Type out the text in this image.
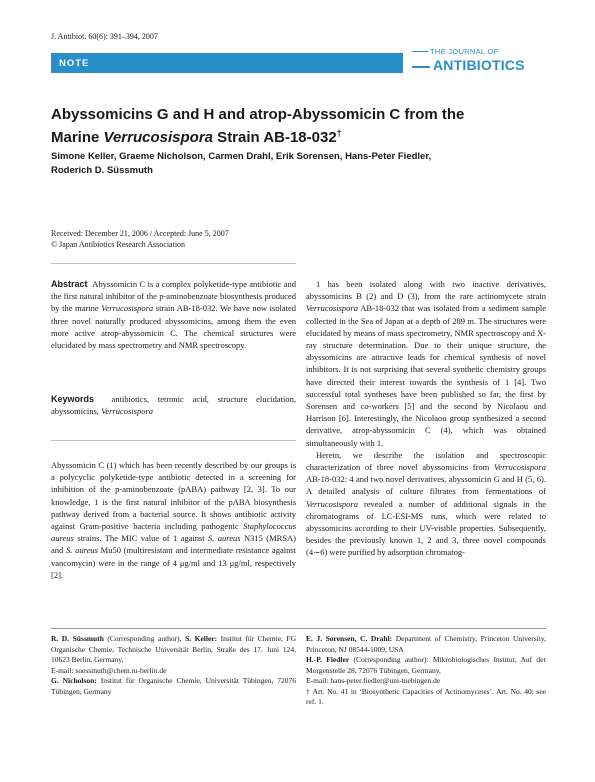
J. Antibiot. 60(6): 391–394, 2007
NOTE
THE JOURNAL OF
ANTIBIOTICS
Abyssomicins G and H and atrop-Abyssomicin C from the
Marine Verrucosispora Strain AB-18-032†
Simone Keller, Graeme Nicholson, Carmen Drahl, Erik Sorensen, Hans-Peter Fiedler,
Roderich D. Süssmuth
Received: December 21, 2006 / Accepted: June 5, 2007
© Japan Antibiotics Research Association

Abstract Abyssomicin C is a complex polyketide-type antibiotic and the first natural inhibitor of the p-aminobenzoate biosynthesis produced by the marine Verrucosispora strain AB-18-032. We have now isolated three novel naturally produced abyssomicins, among them the even more active atrop-abyssomicin C. The chemical structures were elucidated by mass spectrometry and NMR spectroscopy.

Keywords antibiotics, tetronic acid, structure elucidation, abyssomicins, Verrucosispora

Abyssomicin C (1) which has been recently described by our groups is a polycyclic polyketide-type antibiotic detected in a screening for inhibition of the p-aminobenzoate (pABA) pathway [2, 3]. To our knowledge, 1 is the first natural inhibitor of the pABA biosynthesis pathway derived from a bacterial source. It shows antibiotic activity against Gram-positive bacteria including pathogenic Staphylococcus aureus strains. The MIC value of 1 against S. aureus N315 (MRSA) and S. aureus Mu50 (multiresistant and intermediate resistance against vancomycin) were in the range of 4 μg/ml and 13 μg/ml, respectively [2].

1 has been isolated along with two inactive derivatives, abyssomicins B (2) and D (3), from the rare actinomycete strain Verrucosispora AB-18-032 that was isolated from a sediment sample collected in the Sea of Japan at a depth of 289 m. The structures were elucidated by means of mass spectrometry, NMR spectroscopy and X-ray structure determination. Due to their unique structure, the abyssomicins are attractive leads for chemical synthesis of novel inhibitors. It is not surprising that several synthetic chemistry groups have directed their interest towards the synthesis of 1 [4]. Two successful total syntheses have been published so far, the first by Sorensen and co-workers [5] and the second by Nicolaou and Harrison [6]. Interestingly, the Nicolaou group synthesized a second derivative, atrop-abyssomicin C (4), which was obtained simultaneously with 1.

Herein, we describe the isolation and spectroscopic characterization of three novel abyssomicins from Verrucosispora AB-18-032: 4 and two novel derivatives, abyssomicin G and H (5, 6). A detailed analysis of culture filtrates from fermentations of Verrucosispora revealed a number of additional signals in the chromatograms of LC-ESI-MS runs, which were related to abyssomicins according to their UV-visible properties. Subsequently, besides the previously known 1, 2 and 3, three novel compounds (4∼6) were purified by adsorption chromatog-

R. D. Süssmuth (Corresponding author), S. Keller: Institut für Chemie, FG Organische Chemie, Technische Universität Berlin, Straße des 17. Juni 124, 10623 Berlin, Germany,

E-mail: suessmuth@chem.tu-berlin.de

G. Nicholson: Institut für Organische Chemie, Universität Tübingen, 72076 Tübingen, Germany

E. J. Sorensen, C. Drahl: Department of Chemistry, Princeton University, Princeton, NJ 08544-1009, USA

H.-P. Fiedler (Corresponding author): Mikrobiologisches Institut, Auf der Morgenstelle 28, 72076 Tübingen, Germany,

E-mail: hans-peter.fiedler@uni-tuebingen.de

† Art. No. 41 in ‘Biosynthetic Capacities of Actinomycetes’. Art. No. 40: see ref. 1.
